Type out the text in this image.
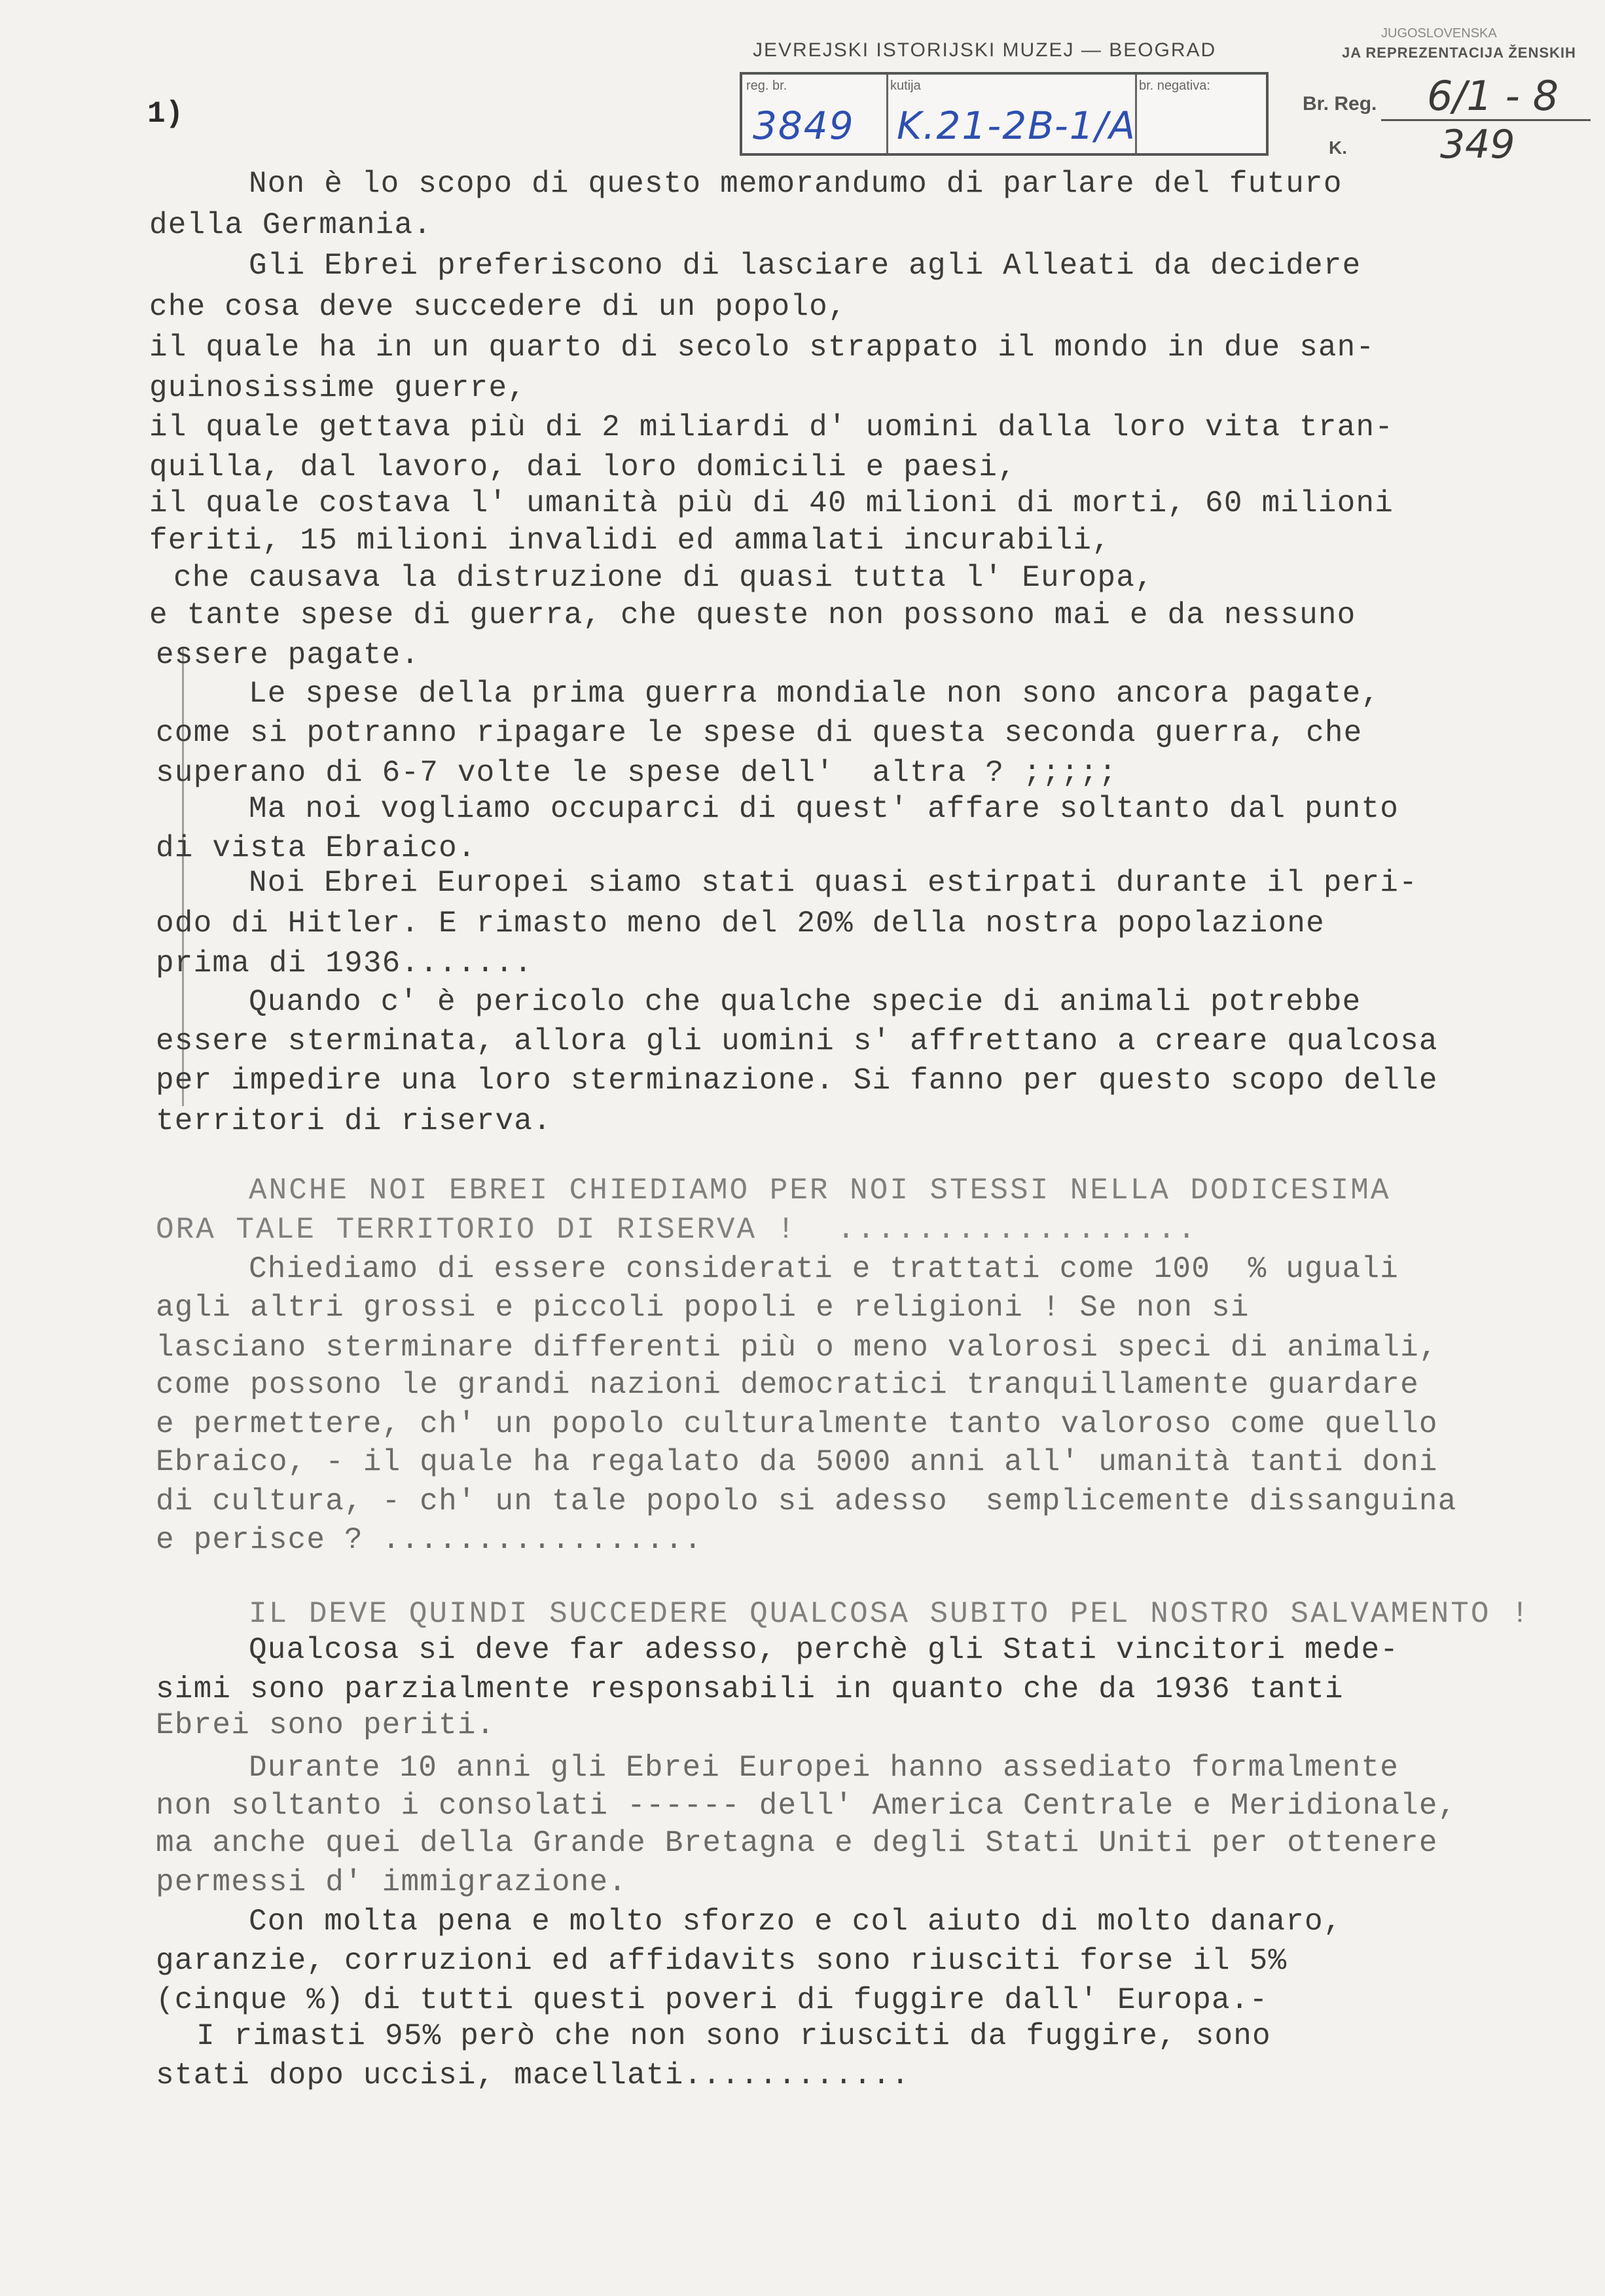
1)
JEVREJSKI ISTORIJSKI MUZEJ — BEOGRAD
reg. br.
3849
kutija
K.21-2B-1/A
br. negativa:
JUGOSLOVENSKA
JA REPREZENTACIJA ŽENSKIH
Br. Reg. 6/1 - 8
K. 349

Non è lo scopo di questo memorandumo di parlare del futuro

della Germania.

Gli Ebrei preferiscono di lasciare agli Alleati da decidere

che cosa deve succedere di un popolo,

il quale ha in un quarto di secolo strappato il mondo in due san-

guinosissime guerre,

il quale gettava più di 2 miliardi d' uomini dalla loro vita tran-

quilla, dal lavoro, dai loro domicili e paesi,

il quale costava l' umanità più di 40 milioni di morti, 60 milioni

feriti, 15 milioni invalidi ed ammalati incurabili,

che causava la distruzione di quasi tutta l' Europa,

e tante spese di guerra, che queste non possono mai e da nessuno

essere pagate.

Le spese della prima guerra mondiale non sono ancora pagate,

come si potranno ripagare le spese di questa seconda guerra, che

superano di 6-7 volte le spese dell'  altra ? ;;;;;

Ma noi vogliamo occuparci di quest' affare soltanto dal punto

di vista Ebraico.

Noi Ebrei Europei siamo stati quasi estirpati durante il peri-

odo di Hitler. E rimasto meno del 20% della nostra popolazione

prima di 1936.......

Quando c' è pericolo che qualche specie di animali potrebbe

essere sterminata, allora gli uomini s' affrettano a creare qualcosa

per impedire una loro sterminazione. Si fanno per questo scopo delle

territori di riserva.

ANCHE NOI EBREI CHIEDIAMO PER NOI STESSI NELLA DODICESIMA

ORA TALE TERRITORIO DI RISERVA !  ..................

Chiediamo di essere considerati e trattati come 100  % uguali

agli altri grossi e piccoli popoli e religioni ! Se non si

lasciano sterminare differenti più o meno valorosi speci di animali,

come possono le grandi nazioni democratici tranquillamente guardare

e permettere, ch' un popolo culturalmente tanto valoroso come quello

Ebraico, - il quale ha regalato da 5000 anni all' umanità tanti doni

di cultura, - ch' un tale popolo si adesso  semplicemente dissanguina

e perisce ? .................

IL DEVE QUINDI SUCCEDERE QUALCOSA SUBITO PEL NOSTRO SALVAMENTO !

Qualcosa si deve far adesso, perchè gli Stati vincitori mede-

simi sono parzialmente responsabili in quanto che da 1936 tanti

Ebrei sono periti.

Durante 10 anni gli Ebrei Europei hanno assediato formalmente

non soltanto i consolati ------ dell' America Centrale e Meridionale,

ma anche quei della Grande Bretagna e degli Stati Uniti per ottenere

permessi d' immigrazione.

Con molta pena e molto sforzo e col aiuto di molto danaro,

garanzie, corruzioni ed affidavits sono riusciti forse il 5%

(cinque %) di tutti questi poveri di fuggire dall' Europa.-

I rimasti 95% però che non sono riusciti da fuggire, sono

stati dopo uccisi, macellati............
